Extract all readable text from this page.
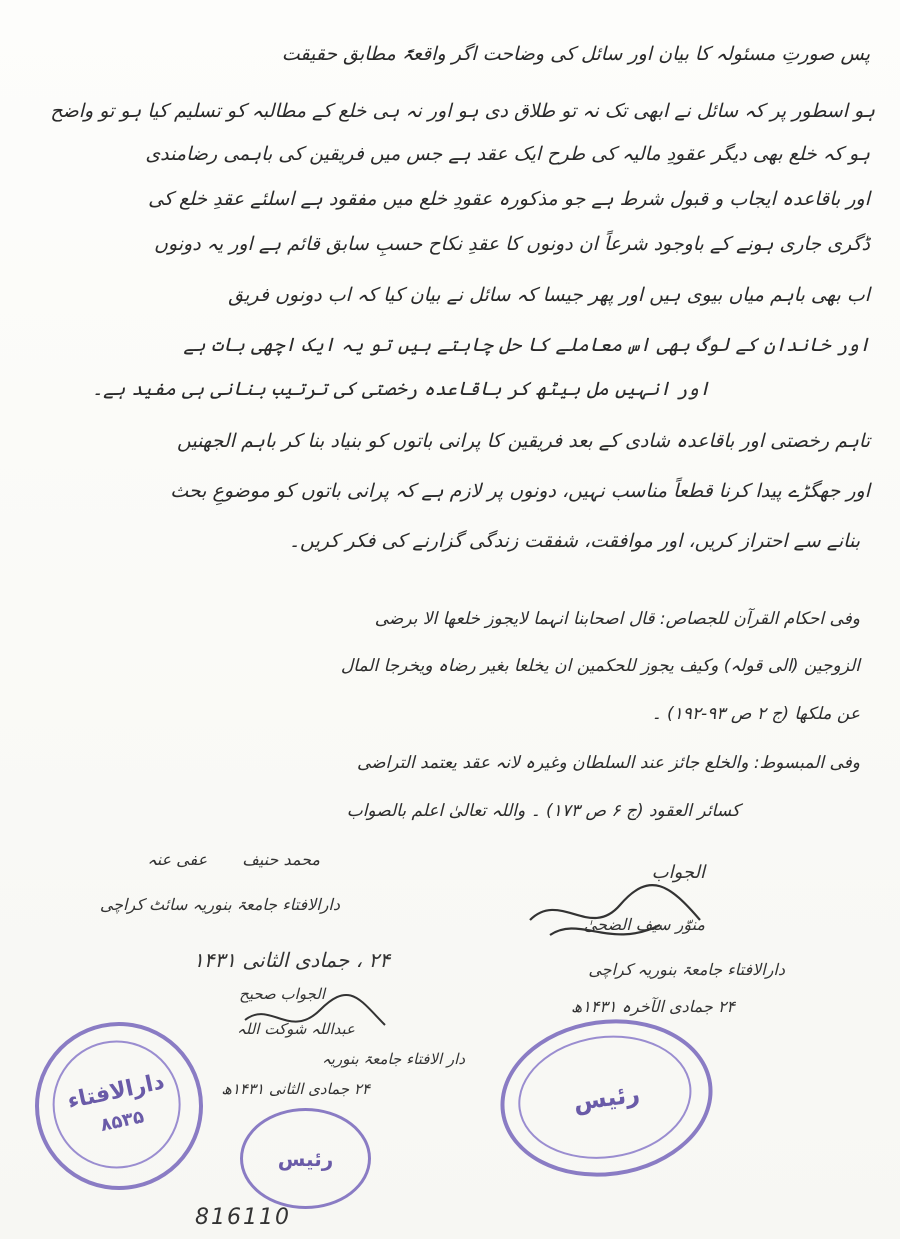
پس صورتِ مسئولہ کا بیان اور سائل کی وضاحت اگر واقعۃً مطابق حقیقت
ہو اسطور پر کہ سائل نے ابھی تک نہ تو طلاق دی ہو اور نہ ہی خلع کے مطالبہ کو تسلیم کیا ہو تو واضح
ہو کہ خلع بھی دیگر عقودِ مالیہ کی طرح ایک عقد ہے جس میں فریقین کی باہمی رضامندی
اور باقاعدہ ایجاب و قبول شرط ہے جو مذکورہ عقودِ خلع میں مفقود ہے اسلئے عقدِ خلع کی
ڈگری جاری ہونے کے باوجود شرعاً ان دونوں کا عقدِ نکاح حسبِ سابق قائم ہے اور یہ دونوں
اب بھی باہم میاں بیوی ہیں اور پھر جیسا کہ سائل نے بیان کیا کہ اب دونوں فریق
اور خاندان کے لوگ بھی اس معاملے کا حل چاہتے ہیں تو یہ ایک اچھی بات ہے
اور انہیں مل بیٹھ کر باقاعدہ رخصتی کی ترتیب بنانی ہی مفید ہے۔
تاہم رخصتی اور باقاعدہ شادی کے بعد فریقین کا پرانی باتوں کو بنیاد بنا کر باہم الجھنیں
اور جھگڑے پیدا کرنا قطعاً مناسب نہیں، دونوں پر لازم ہے کہ پرانی باتوں کو موضوعِ بحث
بنانے سے احتراز کریں، اور موافقت، شفقت زندگی گزارنے کی فکر کریں۔
وفی احکام القرآن للجصاص: قال اصحابنا انہما لایجوز خلعھا الا برضی
الزوجین (الی قولہ) وکیف یجوز للحکمین ان یخلعا بغیر رضاہ ویخرجا المال
عن ملکھا (ج ۲ ص ۹۳-۱۹۲) ۔
وفی المبسوط: والخلع جائز عند السلطان وغیرہ لانہ عقد یعتمد التراضی
کسائر العقود (ج ۶ ص ۱۷۳) ۔ واللہ تعالیٰ اعلم بالصواب
محمد حنیف عفی عنہ
دارالافتاء جامعۃ بنوریہ سائٹ کراچی
۲۴ ، جمادی الثانی ۱۴۳۱
الجواب
منوّر سیف الضحیٰ
دارالافتاء جامعۃ بنوریہ کراچی
۲۴ جمادی الآخرہ ۱۴۳۱ھ
الجواب صحیح
عبداللہ شوکت اللہ
دار الافتاء جامعۃ بنوریہ
۲۴ جمادی الثانی ۱۴۳۱ھ
دارالافتاء
۸۵۳۵
رئیس
رئیس
816110
